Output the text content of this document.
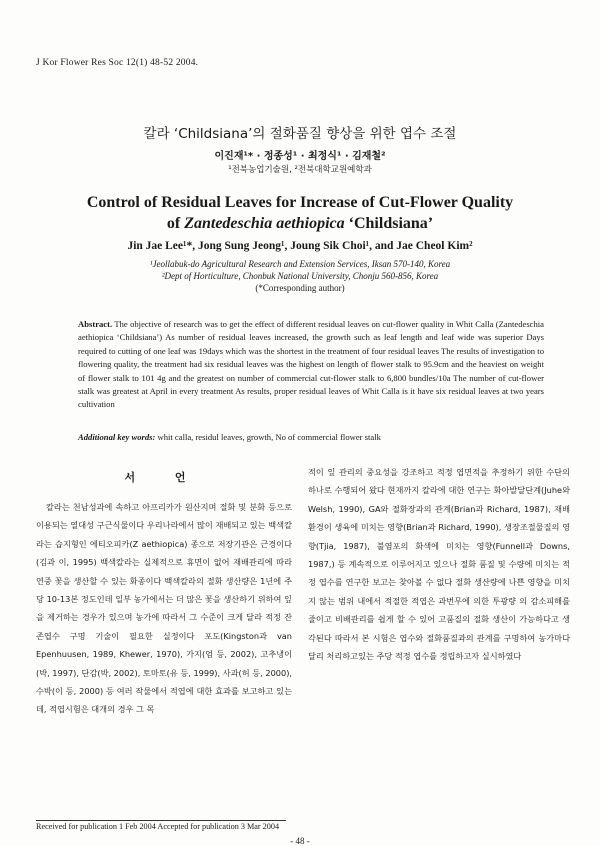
J Kor Flower Res Soc 12(1) 48-52 2004.
칼라 ‘Childsiana’의 절화품질 향상을 위한 엽수 조절
이진재¹* · 정종성¹ · 최정식¹ · 김재철²
¹전북농업기술원, ²전북대학교원예학과
Control of Residual Leaves for Increase of Cut-Flower Quality
of Zantedeschia aethiopica ‘Childsiana’
Jin Jae Lee¹*, Jong Sung Jeong¹, Joung Sik Choi¹, and Jae Cheol Kim²
¹Jeollabuk-do Agricultural Research and Extension Services, Iksan 570-140, Korea
²Dept of Horticulture, Chonbuk National University, Chonju 560-856, Korea
(*Corresponding author)
Abstract. The objective of research was to get the effect of different residual leaves on cut-flower quality in Whit Calla (Zantedeschia aethiopica ‘Childsiana’) As number of residual leaves increased, the growth such as leaf length and leaf wide was superior Days required to cutting of one leaf was 19days which was the shortest in the treatment of four residual leaves The results of investigation to flowering quality, the treatment had six residual leaves was the highest on length of flower stalk to 95.9cm and the heaviest on weight of flower stalk to 101 4g and the greatest on number of commercial cut-flower stalk to 6,800 bundles/10a The number of cut-flower stalk was greatest at April in every treatment As results, proper residual leaves of Whit Calla is it have six residual leaves at two years cultivation
Additional key words: whit calla, residul leaves, growth, No of commercial flower stalk
서 언

칼라는 천남성과에 속하고 아프리카가 원산지며 절화 및 분화 등으로 이용되는 열대성 구근식물이다 우리나라에서 많이 재배되고 있는 백색칼라는 습지형인 에티오피카(Z aethiopica) 종으로 저장기관은 근경이다 (김과 이, 1995) 백색칼라는 실제적으로 휴면이 없어 재배관리에 따라 연중 꽃을 생산할 수 있는 화종이다 백색칼라의 절화 생산량은 1년에 주당 10-13본 정도인데 일부 농가에서는 더 많은 꽃을 생산하기 위하여 잎을 제거하는 경우가 있으며 농가에 따라서 그 수준이 크게 달라 적정 잔존엽수 구명 기술이 필요한 실정이다 포도(Kingston과 van Epenhuusen, 1989, Khewer, 1970), 가지(엄 등, 2002), 고추냉이(박, 1997), 단감(박, 2002), 토마토(유 등, 1999), 사과(허 등, 2000), 수박(이 등, 2000) 등 여러 작물에서 적엽에 대한 효과를 보고하고 있는데, 적엽시험은 대개의 경우 그 목

적이 잎 관리의 중요성을 강조하고 적정 엽면적을 추정하기 위한 수단의 하나로 수행되어 왔다 현재까지 칼라에 대한 연구는 화아발달단계(Juhe와 Welsh, 1990), GA와 절화장과의 관계(Brian과 Richard, 1987), 재배환경이 생육에 미치는 영향(Brian과 Richard, 1990), 생장조절물질의 영향(Tjia, 1987), 불염포의 화색에 미치는 영향(Funnell과 Downs, 1987,) 등 계속적으로 이루어지고 있으나 절화 품질 및 수량에 미치는 적정 엽수를 연구한 보고는 찾아볼 수 없다 절화 생산량에 나쁜 영향을 미치지 않는 범위 내에서 적절한 적엽은 과번무에 의한 투광량 의 감소피해를 줄이고 비배관리를 쉽게 할 수 있어 고품질의 절화 생산이 가능하다고 생각된다 따라서 본 시험은 엽수와 절화품질과의 관계를 구명하여 농가마다 달리 처리하고있는 주당 적정 엽수를 정립하고자 실시하였다

Received for publication 1 Feb 2004 Accepted for publication 3 Mar 2004
- 48 -
